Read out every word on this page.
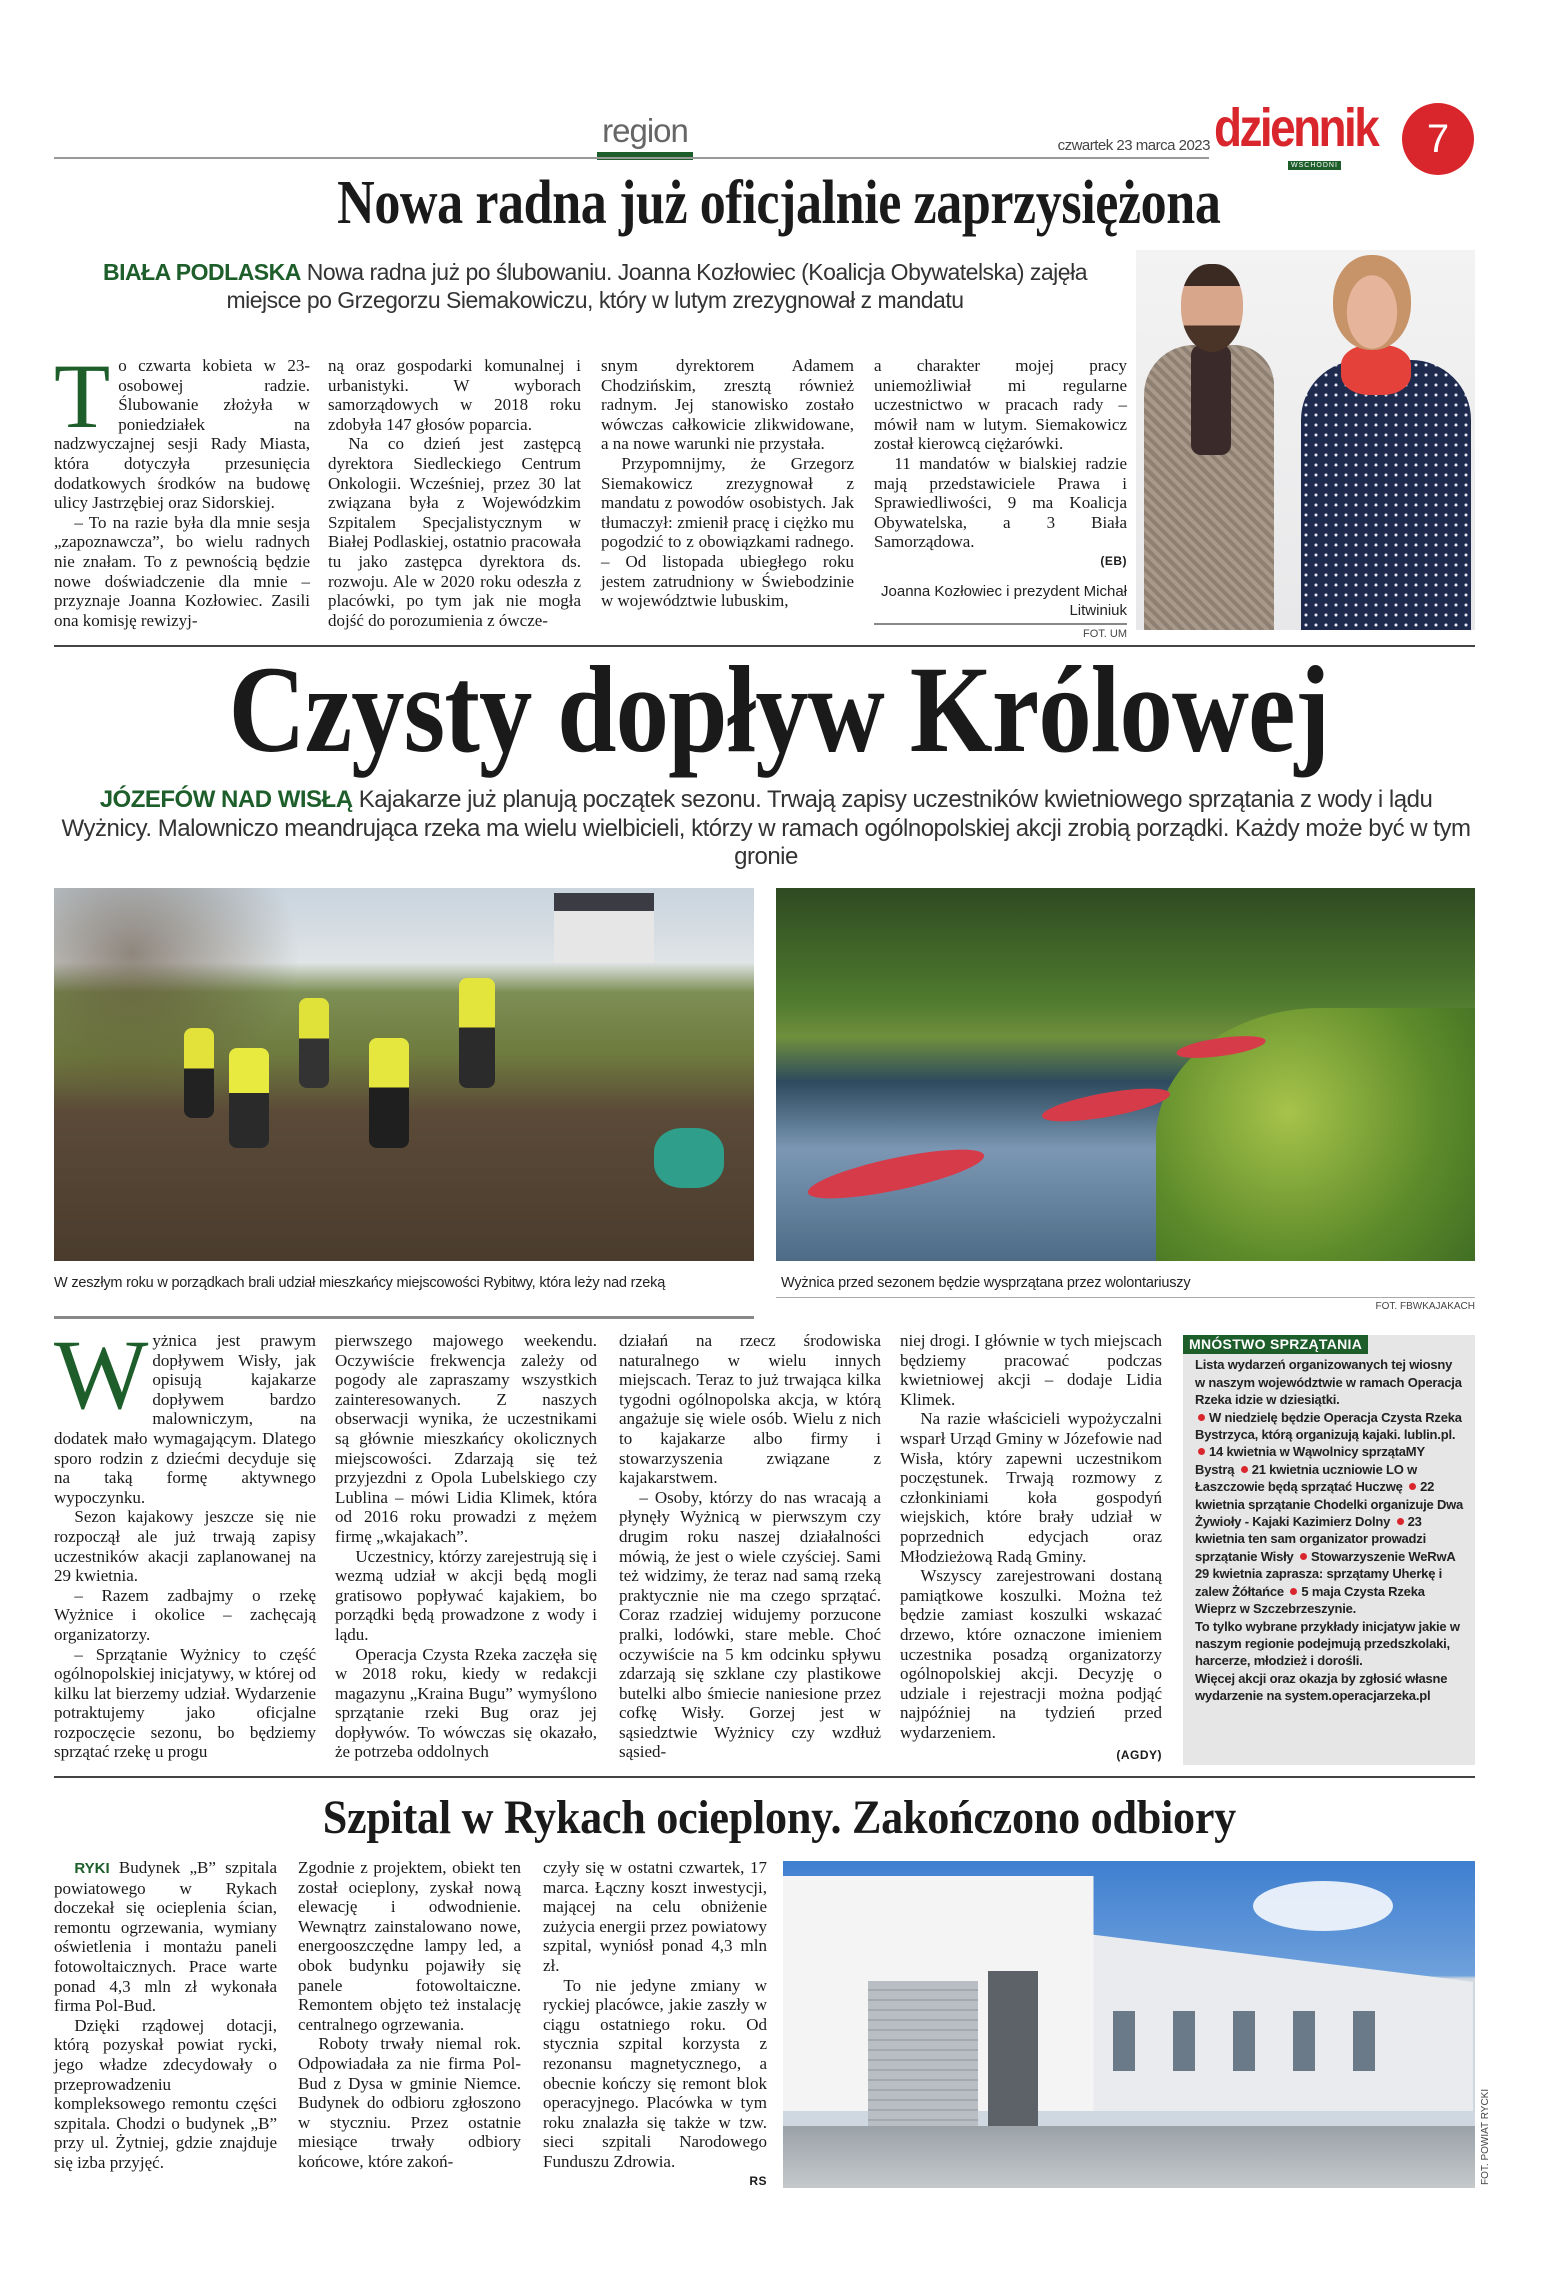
region	czwartek 23 marca 2023 dziennik
WSCHODNI
7
Nowa radna już oficjalnie zaprzysiężona
BIAŁA PODLASKA Nowa radna już po ślubowaniu. Joanna Kozłowiec (Koalicja Obywatelska) zajęła miejsce po Grzegorzu Siemakowiczu, który w lutym zrezygnował z mandatu
T o czwarta kobieta w 23-osobowej radzie. Ślubowanie złożyła w poniedziałek na nadzwyczajnej sesji Rady Miasta, która dotyczyła przesunięcia dodatkowych środków na budowę ulicy Jastrzębiej oraz Sidorskiej.

– To na razie była dla mnie sesja „zapoznawcza”, bo wielu radnych nie znałam. To z pewnością będzie nowe doświadczenie dla mnie – przyznaje Joanna Kozłowiec. Zasili ona komisję rewizyj-

ną oraz gospodarki komunalnej i urbanistyki. W wyborach samorządowych w 2018 roku zdobyła 147 głosów poparcia.

Na co dzień jest zastępcą dyrektora Siedleckiego Centrum Onkologii. Wcześniej, przez 30 lat związana była z Wojewódzkim Szpitalem Specjalistycznym w Białej Podlaskiej, ostatnio pracowała tu jako zastępca dyrektora ds. rozwoju. Ale w 2020 roku odeszła z placówki, po tym jak nie mogła dojść do porozumienia z ówcze-

snym dyrektorem Adamem Chodzińskim, zresztą również radnym. Jej stanowisko zostało wówczas całkowicie zlikwidowane, a na nowe warunki nie przystała.

Przypomnijmy, że Grzegorz Siemakowicz zrezygnował z mandatu z powodów osobistych. Jak tłumaczył: zmienił pracę i ciężko mu pogodzić to z obowiązkami radnego. – Od listopada ubiegłego roku jestem zatrudniony w Świebodzinie w województwie lubuskim,

a charakter mojej pracy uniemożliwiał mi regularne uczestnictwo w pracach rady – mówił nam w lutym. Siemakowicz został kierowcą ciężarówki.

11 mandatów w bialskiej radzie mają przedstawiciele Prawa i Sprawiedliwości, 9 ma Koalicja Obywatelska, a 3 Biała Samorządowa.

(EB)
Joanna Kozłowiec i prezydent Michał Litwiniuk
FOT. UM
Czysty dopływ Królowej
JÓZEFÓW NAD WISŁĄ Kajakarze już planują początek sezonu. Trwają zapisy uczestników kwietniowego sprzątania z wody i lądu Wyżnicy. Malowniczo meandrująca rzeka ma wielu wielbicieli, którzy w ramach ogólnopolskiej akcji zrobią porządki. Każdy może być w tym gronie
W zeszłym roku w porządkach brali udział mieszkańcy miejscowości Rybitwy, która leży nad rzeką	Wyżnica przed sezonem będzie wysprzątana przez wolontariuszy
FOT. FBWKAJAKACH
W yżnica jest prawym dopływem Wisły, jak opisują kajakarze dopływem bardzo malowniczym, na dodatek mało wymagającym. Dlatego sporo rodzin z dziećmi decyduje się na taką formę aktywnego wypoczynku.

Sezon kajakowy jeszcze się nie rozpoczął ale już trwają zapisy uczestników akacji zaplanowanej na 29 kwietnia.

– Razem zadbajmy o rzekę Wyżnice i okolice – zachęcają organizatorzy.

– Sprzątanie Wyżnicy to część ogólnopolskiej inicjatywy, w której od kilku lat bierzemy udział. Wydarzenie potraktujemy jako oficjalne rozpoczęcie sezonu, bo będziemy sprzątać rzekę u progu

pierwszego majowego weekendu. Oczywiście frekwencja zależy od pogody ale zapraszamy wszystkich zainteresowanych. Z naszych obserwacji wynika, że uczestnikami są głównie mieszkańcy okolicznych miejscowości. Zdarzają się też przyjezdni z Opola Lubelskiego czy Lublina – mówi Lidia Klimek, która od 2016 roku prowadzi z mężem firmę „wkajakach”.

Uczestnicy, którzy zarejestrują się i wezmą udział w akcji będą mogli gratisowo popływać kajakiem, bo porządki będą prowadzone z wody i lądu.

Operacja Czysta Rzeka zaczęła się w 2018 roku, kiedy w redakcji magazynu „Kraina Bugu” wymyślono sprzątanie rzeki Bug oraz jej dopływów. To wówczas się okazało, że potrzeba oddolnych

działań na rzecz środowiska naturalnego w wielu innych miejscach. Teraz to już trwająca kilka tygodni ogólnopolska akcja, w którą angażuje się wiele osób. Wielu z nich to kajakarze albo firmy i stowarzyszenia związane z kajakarstwem.

– Osoby, którzy do nas wracają a płynęły Wyżnicą w pierwszym czy drugim roku naszej działalności mówią, że jest o wiele czyściej. Sami też widzimy, że teraz nad samą rzeką praktycznie nie ma czego sprzątać. Coraz rzadziej widujemy porzucone pralki, lodówki, stare meble. Choć oczywiście na 5 km odcinku spływu zdarzają się szklane czy plastikowe butelki albo śmiecie naniesione przez cofkę Wisły. Gorzej jest w sąsiedztwie Wyżnicy czy wzdłuż sąsied-

niej drogi. I głównie w tych miejscach będziemy pracować podczas kwietniowej akcji – dodaje Lidia Klimek.

Na razie właścicieli wypożyczalni wsparł Urząd Gminy w Józefowie nad Wisła, który zapewni uczestnikom poczęstunek. Trwają rozmowy z członkiniami koła gospodyń wiejskich, które brały udział w poprzednich edycjach oraz Młodzieżową Radą Gminy.

Wszyscy zarejestrowani dostaną pamiątkowe koszulki. Można też będzie zamiast koszulki wskazać drzewo, które oznaczone imieniem uczestnika posadzą organizatorzy ogólnopolskiej akcji. Decyzję o udziale i rejestracji można podjąć najpóźniej na tydzień przed wydarzeniem.

(AGDY)
MNÓSTWO SPRZĄTANIA
Lista wydarzeń organizowanych tej wiosny w naszym województwie w ramach Operacja Rzeka idzie w dziesiątki.
W niedzielę będzie Operacja Czysta Rzeka Bystrzyca, którą organizują kajaki. lublin.pl. 14 kwietnia w Wąwolnicy sprzątaMY Bystrą 21 kwietnia uczniowie LO w Łaszczowie będą sprzątać Huczwę 22 kwietnia sprzątanie Chodelki organizuje Dwa Żywioły - Kajaki Kazimierz Dolny 23 kwietnia ten sam organizator prowadzi sprzątanie Wisły Stowarzyszenie WeRwA 29 kwietnia zaprasza: sprzątamy Uherkę i zalew Żółtańce 5 maja Czysta Rzeka Wieprz w Szczebrzeszynie.
To tylko wybrane przykłady inicjatyw jakie w naszym regionie podejmują przedszkolaki, harcerze, młodzież i dorośli.
Więcej akcji oraz okazja by zgłosić własne wydarzenie na system.operacjarzeka.pl
Szpital w Rykach ocieplony. Zakończono odbiory

RYKI Budynek „B” szpitala powiatowego w Rykach doczekał się ocieplenia ścian, remontu ogrzewania, wymiany oświetlenia i montażu paneli fotowoltaicznych. Prace warte ponad 4,3 mln zł wykonała firma Pol-Bud.

Dzięki rządowej dotacji, którą pozyskał powiat rycki, jego władze zdecydowały o przeprowadzeniu kompleksowego remontu części szpitala. Chodzi o budynek „B” przy ul. Żytniej, gdzie znajduje się izba przyjęć.

Zgodnie z projektem, obiekt ten został ocieplony, zyskał nową elewację i odwodnienie. Wewnątrz zainstalowano nowe, energooszczędne lampy led, a obok budynku pojawiły się panele fotowoltaiczne. Remontem objęto też instalację centralnego ogrzewania.

Roboty trwały niemal rok. Odpowiadała za nie firma Pol-Bud z Dysa w gminie Niemce. Budynek do odbioru zgłoszono w styczniu. Przez ostatnie miesiące trwały odbiory końcowe, które zakoń-

czyły się w ostatni czwartek, 17 marca. Łączny koszt inwestycji, mającej na celu obniżenie zużycia energii przez powiatowy szpital, wyniósł ponad 4,3 mln zł.

To nie jedyne zmiany w ryckiej placówce, jakie zaszły w ciągu ostatniego roku. Od stycznia szpital korzysta z rezonansu magnetycznego, a obecnie kończy się remont blok operacyjnego. Placówka w tym roku znalazła się także w tzw. sieci szpitali Narodowego Funduszu Zdrowia.

RS	FOT. POWIAT RYCKI
